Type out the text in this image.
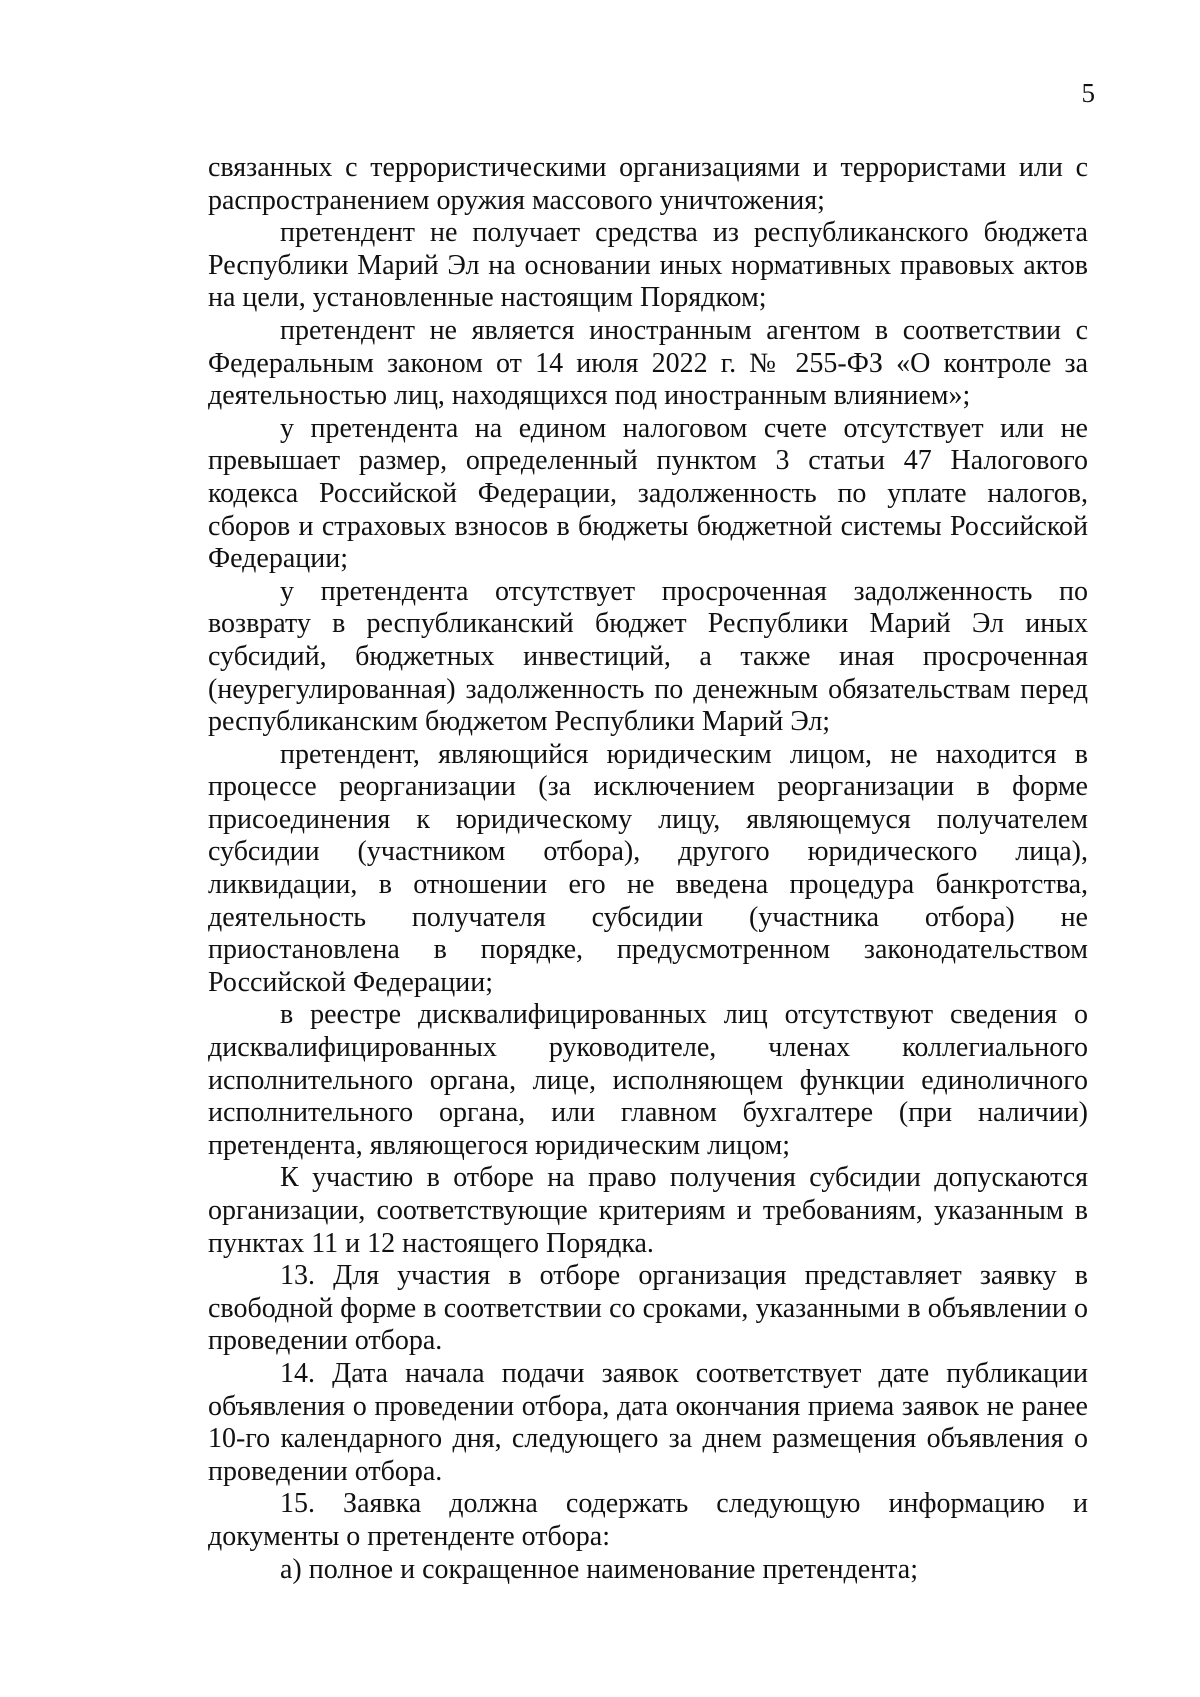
5

связанных с террористическими организациями и террористами или с распространением оружия массового уничтожения;

претендент не получает средства из республиканского бюджета Республики Марий Эл на основании иных нормативных правовых актов на цели, установленные настоящим Порядком;

претендент не является иностранным агентом в соответствии с Федеральным законом от 14 июля 2022 г. № 255-ФЗ «О контроле за деятельностью лиц, находящихся под иностранным влиянием»;

у претендента на едином налоговом счете отсутствует или не превышает размер, определенный пунктом 3 статьи 47 Налогового кодекса Российской Федерации, задолженность по уплате налогов, сборов и страховых взносов в бюджеты бюджетной системы Российской Федерации;

у претендента отсутствует просроченная задолженность по возврату в республиканский бюджет Республики Марий Эл иных субсидий, бюджетных инвестиций, а также иная просроченная (неурегулированная) задолженность по денежным обязательствам перед республиканским бюджетом Республики Марий Эл;

претендент, являющийся юридическим лицом, не находится в процессе реорганизации (за исключением реорганизации в форме присоединения к юридическому лицу, являющемуся получателем субсидии (участником отбора), другого юридического лица), ликвидации, в отношении его не введена процедура банкротства, деятельность получателя субсидии (участника отбора) не приостановлена в порядке, предусмотренном законодательством Российской Федерации;

в реестре дисквалифицированных лиц отсутствуют сведения о дисквалифицированных руководителе, членах коллегиального исполнительного органа, лице, исполняющем функции единоличного исполнительного органа, или главном бухгалтере (при наличии) претендента, являющегося юридическим лицом;

К участию в отборе на право получения субсидии допускаются организации, соответствующие критериям и требованиям, указанным в пунктах 11 и 12 настоящего Порядка.

13. Для участия в отборе организация представляет заявку в свободной форме в соответствии со сроками, указанными в объявлении о проведении отбора.

14. Дата начала подачи заявок соответствует дате публикации объявления о проведении отбора, дата окончания приема заявок не ранее 10-го календарного дня, следующего за днем размещения объявления о проведении отбора.

15. Заявка должна содержать следующую информацию и документы о претенденте отбора:

а) полное и сокращенное наименование претендента;
